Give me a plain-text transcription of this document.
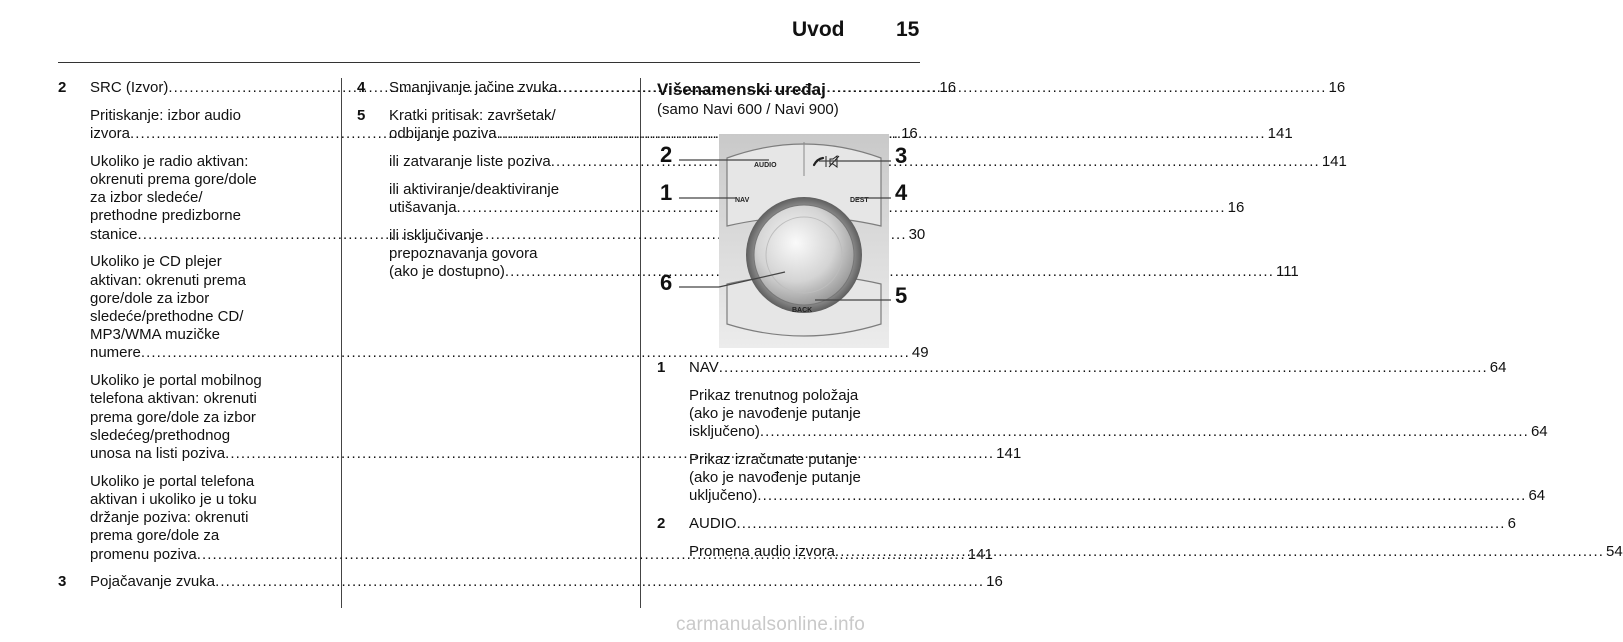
Uvod 15
2	SRC (Izvor) .....	16
Pritiskanje: izbor audio
izvora .....	16
Ukoliko je radio aktivan:
okrenuti prema gore/dole
za izbor sledeće/
prethodne predizborne
stanice .....	30
Ukoliko je CD plejer
aktivan: okrenuti prema
gore/dole za izbor
sledeće/prethodne CD/
MP3/WMA muzičke
numere .....	49
Ukoliko je portal mobilnog
telefona aktivan: okrenuti
prema gore/dole za izbor
sledećeg/prethodnog
unosa na listi poziva .....	141
Ukoliko je portal telefona
aktivan i ukoliko je u toku
držanje poziva: okrenuti
prema gore/dole za
promenu poziva .....	141
3	Pojačavanje zvuka .....	16
4	Smanjivanje jačine zvuka .....	16
5	Kratki pritisak: završetak/
odbijanje poziva .....	141
ili zatvaranje liste poziva .....	141
ili aktiviranje/deaktiviranje
utišavanja .....	16
ili isključivanje
prepoznavanja govora
(ako je dostupno) .....	111
Višenamenski uređaj
(samo Navi 600 / Navi 900)
AUDIO
NAV	DEST
BACK
2
1
3
4
6
5
1	NAV .....	64
Prikaz trenutnog položaja
(ako je navođenje putanje
isključeno) .....	64
Prikaz izračunate putanje
(ako je navođenje putanje
uključeno) .....	64
2	AUDIO .....	6
Promena audio izvora .....	54
carmanualsonline.info
